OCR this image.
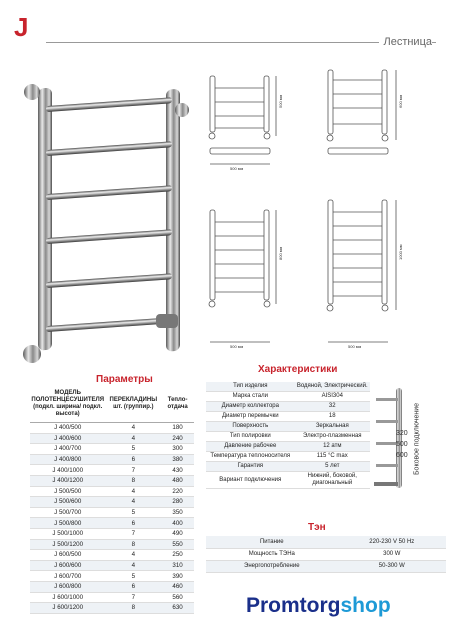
J	Лестница
500 мм
500 мм
600 мм
800 мм	1000 мм
500 мм	500 мм
Параметры
МОДЕЛЬ ПОЛОТЕНЦЕСУШИТЕЛЯ (подкл. ширина/ подкл. высота)	ПЕРЕКЛАДИНЫ шт. (группир.)	Тепло-отдача
J 400/500	4	180
J 400/600	4	240
J 400/700	5	300
J 400/800	6	380
J 400/1000	7	430
J 400/1200	8	480
J 500/500	4	220
J 500/600	4	280
J 500/700	5	350
J 500/800	6	400
J 500/1000	7	490
J 500/1200	8	550
J 600/500	4	250
J 600/600	4	310
J 600/700	5	390
J 600/800	6	460
J 600/1000	7	560
J 600/1200	8	630
Характеристики
Тип изделия	Водяной, Электрический.
Марка стали	AISI304
Диаметр коллектора	32
Диаметр перемычки	18
Поверхность	Зеркальная
Тип полировки	Электро-плазменная
Давление рабочее	12 атм
Температура теплоносителя	115 °C max
Гарантия	5 лет
Вариант подключения	Нижний, боковой, диагональный
320
500
600 Боковое подключение
Тэн
Питание	220-230 V 50 Hz
Мощность ТЭНа	300 W
Энергопотребление	50-300 W
Promtorg shop
